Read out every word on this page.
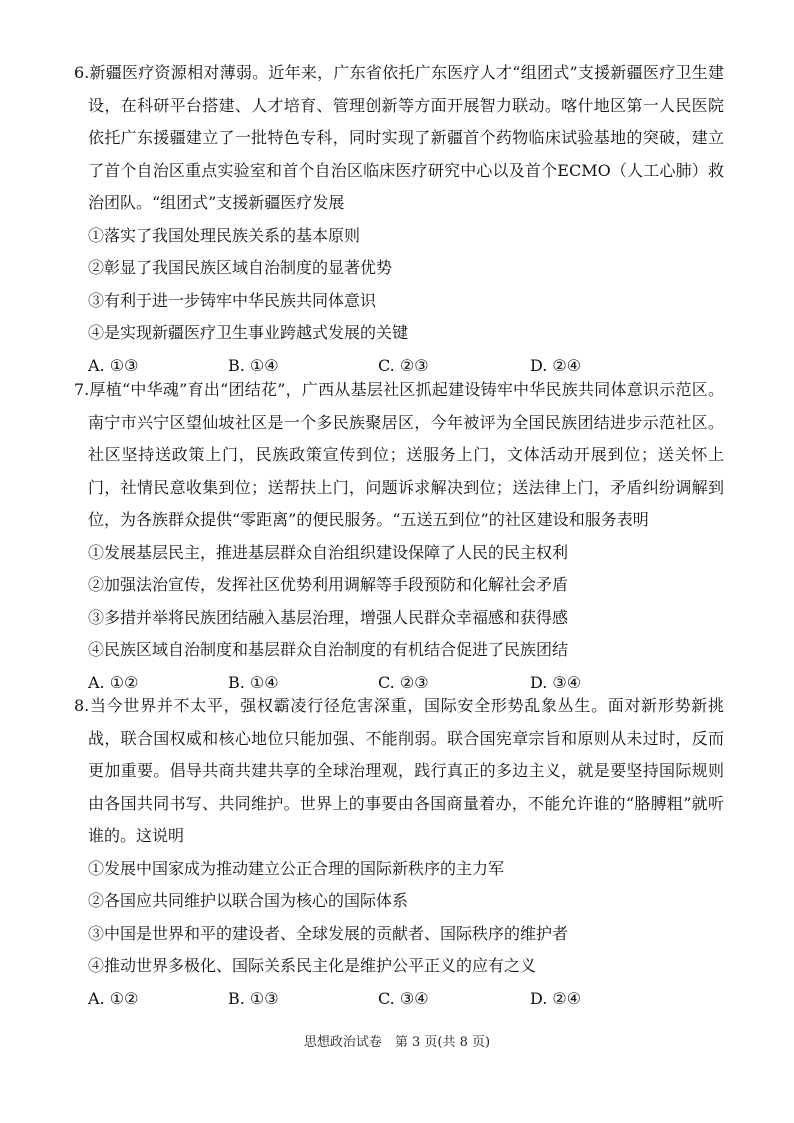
6.新疆医疗资源相对薄弱。近年来，广东省依托广东医疗人才“组团式”支援新疆医疗卫生建设，在科研平台搭建、人才培育、管理创新等方面开展智力联动。喀什地区第一人民医院依托广东援疆建立了一批特色专科，同时实现了新疆首个药物临床试验基地的突破，建立了首个自治区重点实验室和首个自治区临床医疗研究中心以及首个ECMO（人工心肺）救治团队。“组团式”支援新疆医疗发展

①落实了我国处理民族关系的基本原则

②彰显了我国民族区域自治制度的显著优势

③有利于进一步铸牢中华民族共同体意识

④是实现新疆医疗卫生事业跨越式发展的关键

A. ①③	B. ①④	C. ②③	D. ②④

7.厚植“中华魂”育出“团结花”，广西从基层社区抓起建设铸牢中华民族共同体意识示范区。南宁市兴宁区望仙坡社区是一个多民族聚居区，今年被评为全国民族团结进步示范社区。社区坚持送政策上门，民族政策宣传到位；送服务上门，文体活动开展到位；送关怀上门，社情民意收集到位；送帮扶上门，问题诉求解决到位；送法律上门，矛盾纠纷调解到位，为各族群众提供“零距离”的便民服务。“五送五到位”的社区建设和服务表明

①发展基层民主，推进基层群众自治组织建设保障了人民的民主权利

②加强法治宣传，发挥社区优势利用调解等手段预防和化解社会矛盾

③多措并举将民族团结融入基层治理，增强人民群众幸福感和获得感

④民族区域自治制度和基层群众自治制度的有机结合促进了民族团结

A. ①②	B. ①④	C. ②③	D. ③④

8.当今世界并不太平，强权霸凌行径危害深重，国际安全形势乱象丛生。面对新形势新挑战，联合国权威和核心地位只能加强、不能削弱。联合国宪章宗旨和原则从未过时，反而更加重要。倡导共商共建共享的全球治理观，践行真正的多边主义，就是要坚持国际规则由各国共同书写、共同维护。世界上的事要由各国商量着办，不能允许谁的“胳膊粗”就听谁的。这说明

①发展中国家成为推动建立公正合理的国际新秩序的主力军

②各国应共同维护以联合国为核心的国际体系

③中国是世界和平的建设者、全球发展的贡献者、国际秩序的维护者

④推动世界多极化、国际关系民主化是维护公平正义的应有之义

A. ①②	B. ①③	C. ③④	D. ②④
思想政治试卷　第 3 页(共 8 页)
